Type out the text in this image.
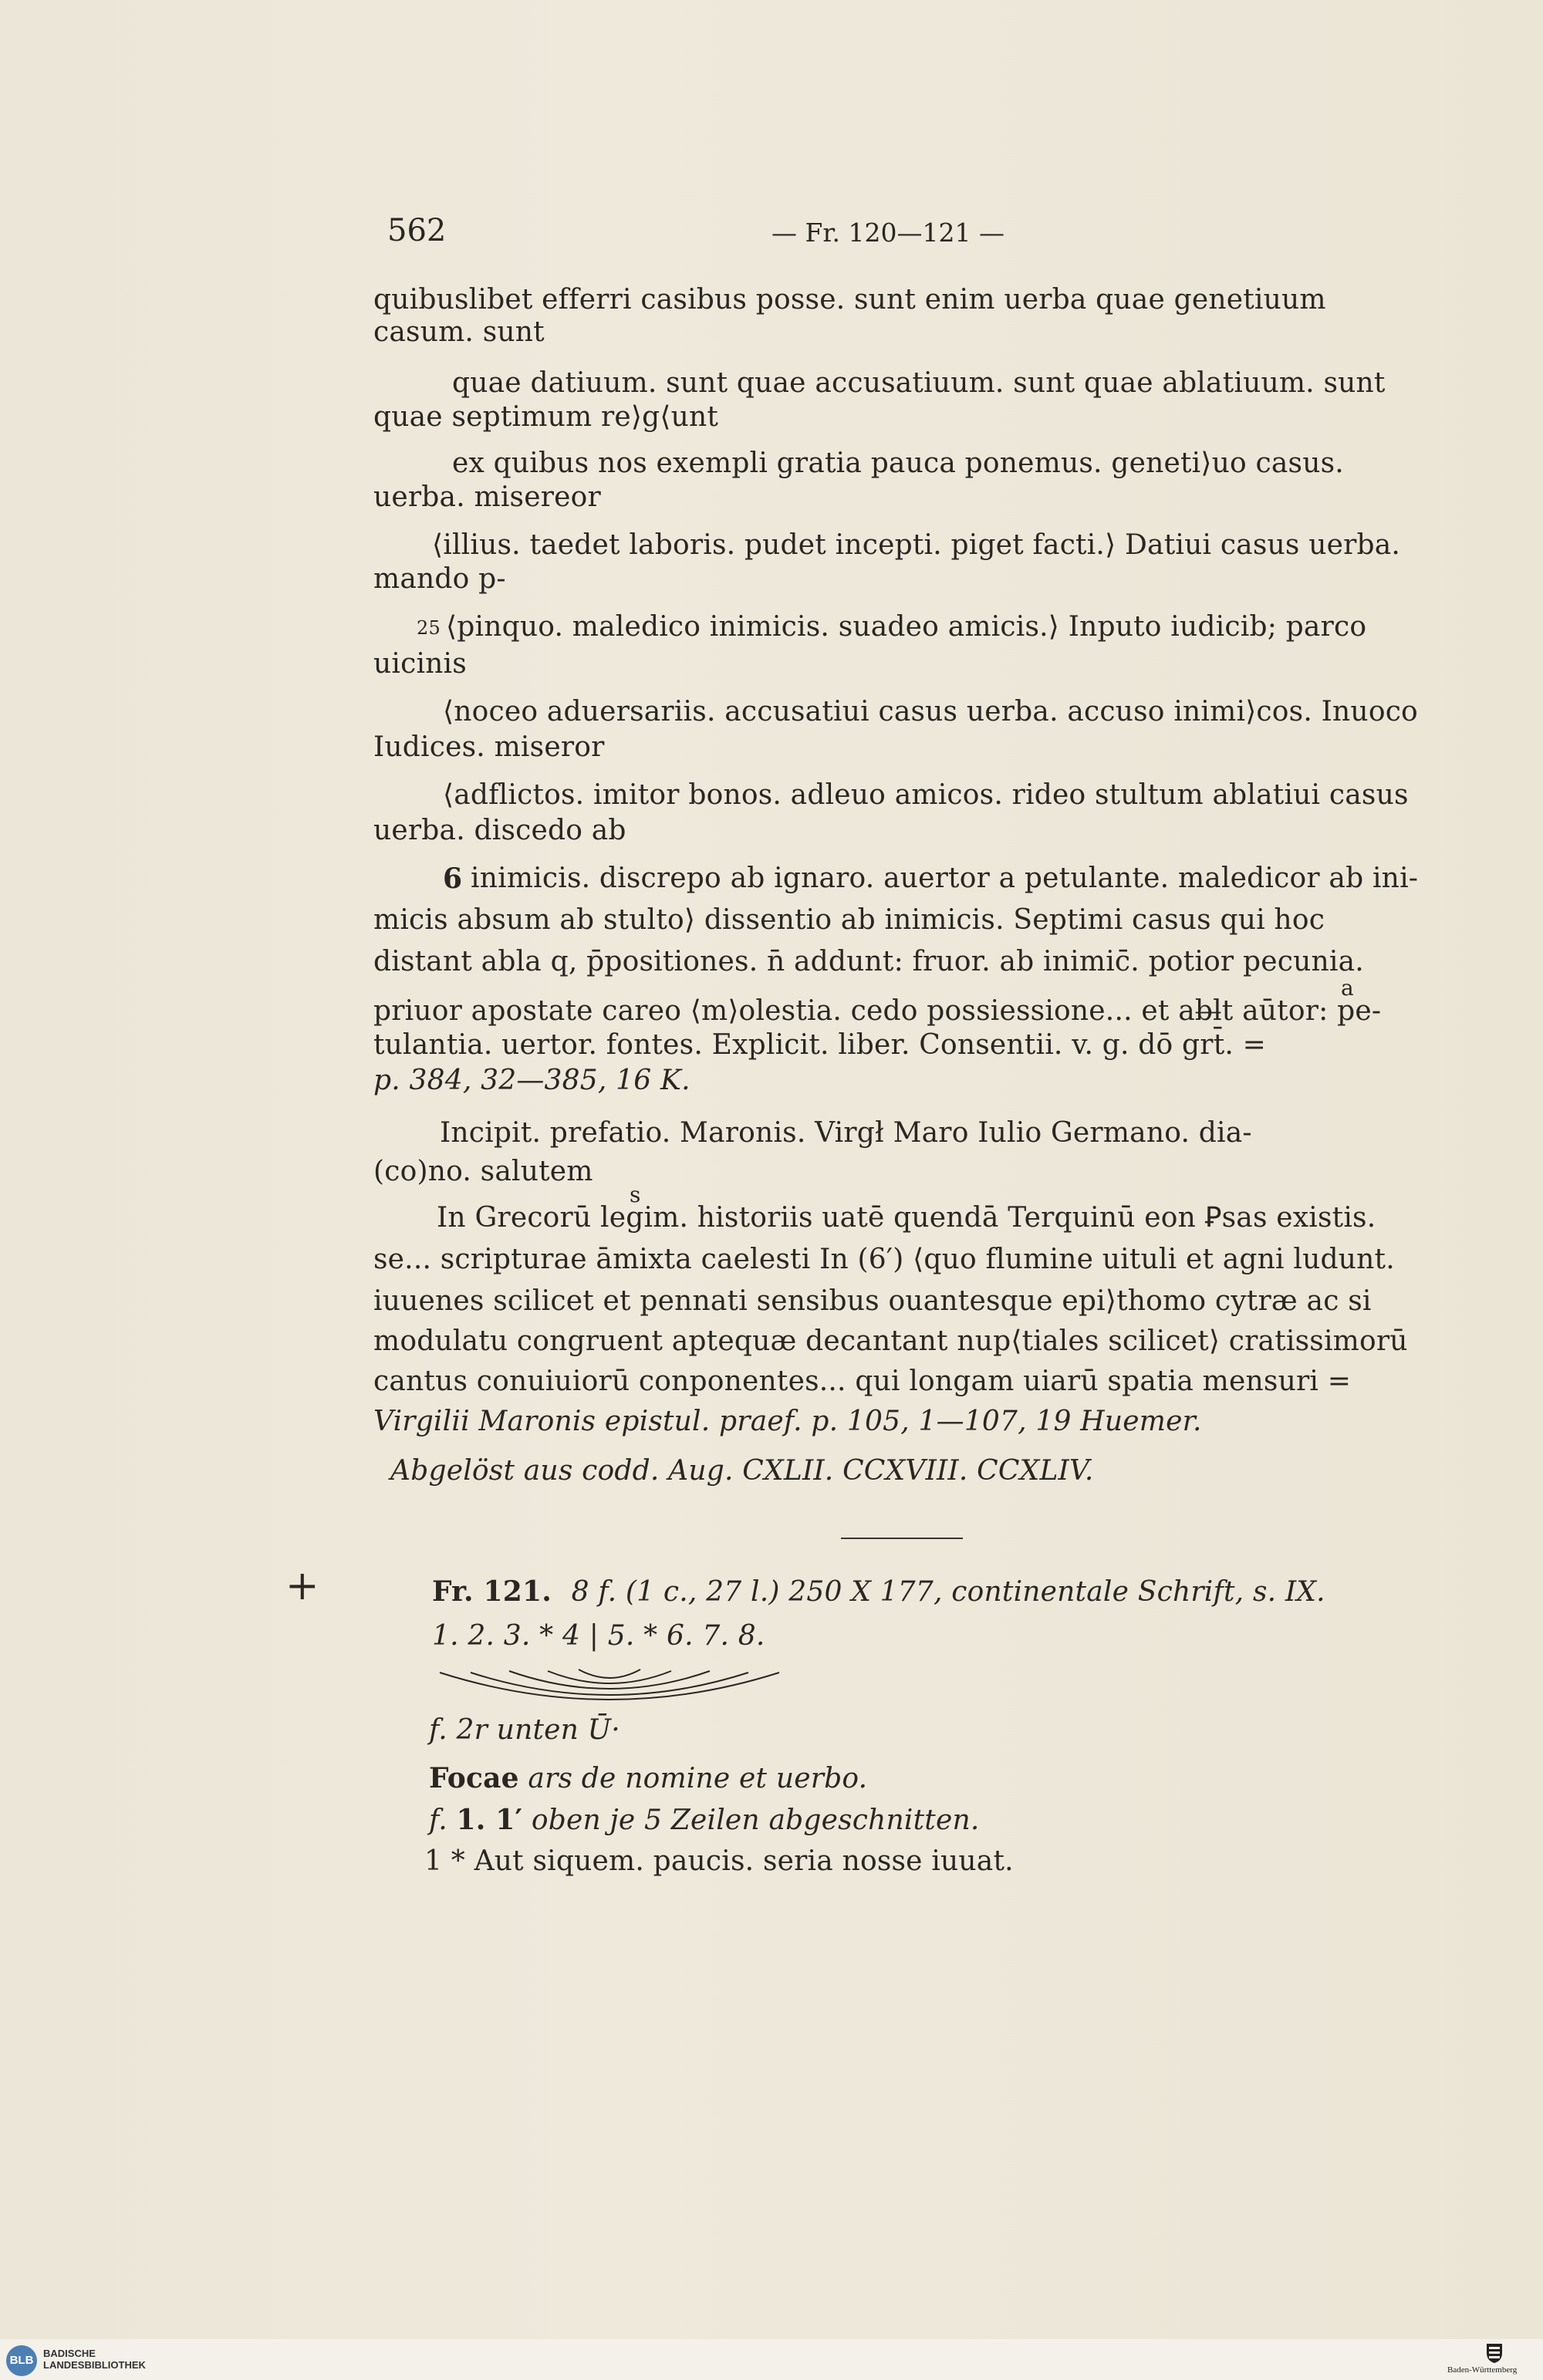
562	— Fr. 120—121 —
quibuslibet efferri casibus posse. sunt enim uerba quae genetiuum
casum. sunt
quae datiuum. sunt quae accusatiuum. sunt quae ablatiuum. sunt
quae septimum re⟩g⟨unt
ex quibus nos exempli gratia pauca ponemus. geneti⟩uo casus.
uerba. misereor
⟨illius. taedet laboris. pudet incepti. piget facti.⟩ Datiui casus uerba.
mando p-
25 ⟨pinquo. maledico inimicis. suadeo amicis.⟩ Inputo iudicib; parco
uicinis
⟨noceo aduersariis. accusatiui casus uerba. accuso inimi⟩cos. Inuoco
Iudices. miseror
⟨adflictos. imitor bonos. adleuo amicos. rideo stultum ablatiui casus
uerba. discedo ab
6 inimicis. discrepo ab ignaro. auertor a petulante. maledicor ab ini-
micis absum ab stulto⟩ dissentio ab inimicis. Septimi casus qui hoc
distant abla q, p̄positiones. n̄ addunt: fruor. ab inimic̄. potior pecunia.
a
priuor apostate careo ⟨m⟩olestia. cedo possiessione... et ab̶l̶t aūtor: pe-
tulantia. uertor. fontes. Explicit. liber. Consentii. v. g. dō grt̄. =
p. 384, 32—385, 16 K.
Incipit. prefatio. Maronis. Virgł Maro Iulio Germano. dia-
(co)no. salutem
s
In Grecorū legim. historiis uatē quendā Terquinū eon Ꝑsas existis.
se... scripturae āmixta caelesti In (6′) ⟨quo flumine uituli et agni ludunt.
iuuenes scilicet et pennati sensibus ouantesque epi⟩thomo cytræ ac si
modulatu congruent aptequæ decantant nup⟨tiales scilicet⟩ cratissimorū
cantus conuiuiorū conponentes... qui longam uiarū spatia mensuri =
Virgilii Maronis epistul. praef. p. 105, 1—107, 19 Huemer.
Abgelöst aus codd. Aug. CXLII. CCXVIII. CCXLIV.
+	Fr. 121. 8 f. (1 c., 27 l.) 250 X 177, continentale Schrift, s. IX.
1. 2. 3. * 4 | 5. * 6. 7. 8.
f. 2r unten Ū·
Focae ars de nomine et uerbo.
f. 1. 1′ oben je 5 Zeilen abgeschnitten.
1 * Aut siquem. paucis. seria nosse iuuat.
BLB
BADISCHE
LANDESBIBLIOTHEK	Baden-Württemberg
